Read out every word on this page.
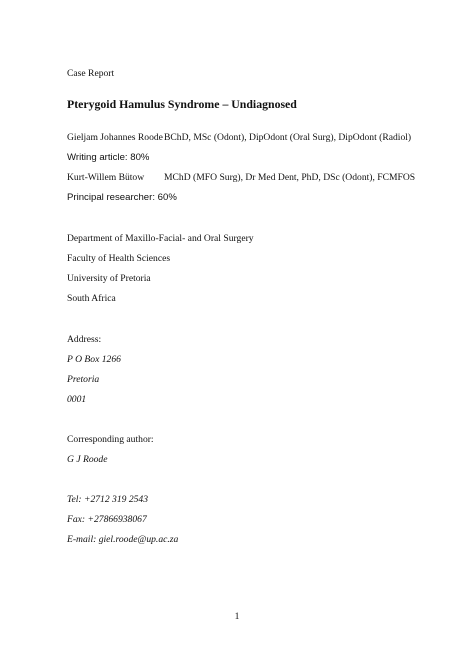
Case Report
Pterygoid Hamulus Syndrome – Undiagnosed
Gieljam Johannes Roode BChD, MSc (Odont), DipOdont (Oral Surg), DipOdont (Radiol)
Writing article: 80%
Kurt-Willem Bütow MChD (MFO Surg), Dr Med Dent, PhD, DSc (Odont), FCMFOS
Principal researcher: 60%
Department of Maxillo-Facial- and Oral Surgery
Faculty of Health Sciences
University of Pretoria
South Africa
Address:
P O Box 1266
Pretoria
0001
Corresponding author:
G J Roode
Tel: +2712 319 2543
Fax: +27866938067
E-mail: giel.roode@up.ac.za
1
